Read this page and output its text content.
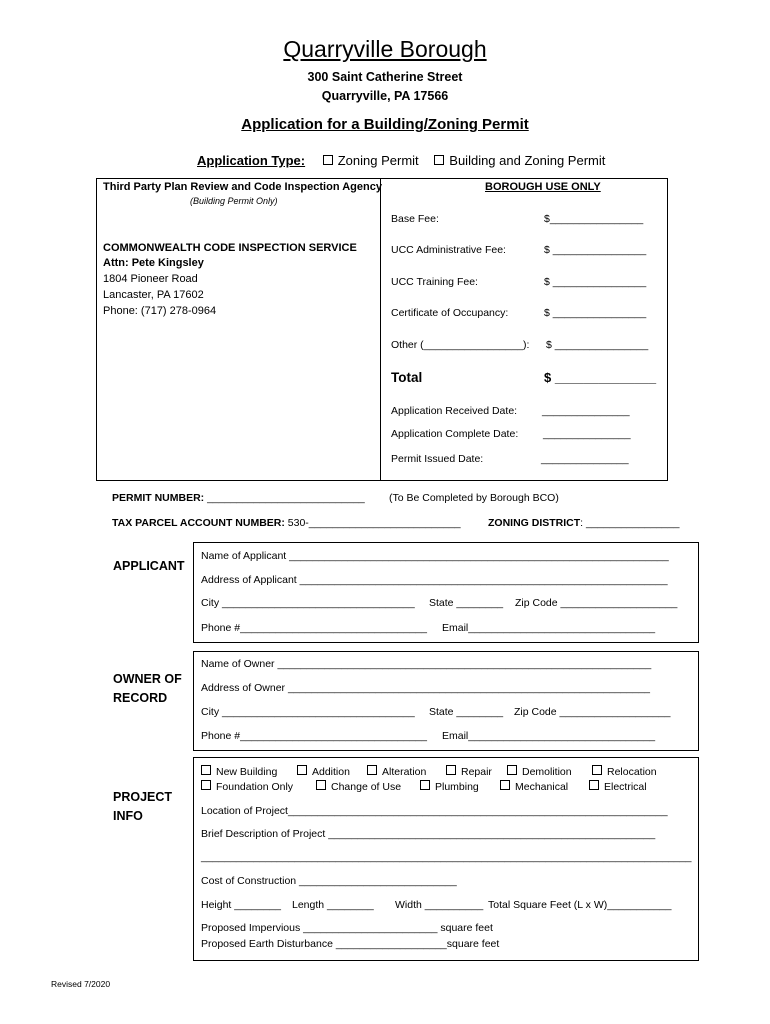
Quarryville Borough
300 Saint Catherine Street
Quarryville, PA 17566
Application for a Building/Zoning Permit
Application Type:	Zoning Permit Building and Zoning Permit
Third Party Plan Review and Code Inspection Agency
(Building Permit Only)
COMMONWEALTH CODE INSPECTION SERVICE
Attn: Pete Kingsley
1804 Pioneer Road
Lancaster, PA 17602
Phone: (717) 278-0964
BOROUGH USE ONLY
Base Fee:	$________________
UCC Administrative Fee:	$ ________________
UCC Training Fee:	$ ________________
Certificate of Occupancy:	$ ________________
Other (_________________): $ ________________
Total	$ ______________
Application Received Date: _______________
Application Complete Date: _______________
Permit Issued Date:	_______________
PERMIT NUMBER: ___________________________ (To Be Completed by Borough BCO)
TAX PARCEL ACCOUNT NUMBER: 530-__________________________	ZONING DISTRICT: ________________
APPLICANT
Name of Applicant _________________________________________________________________
Address of Applicant _______________________________________________________________
City _________________________________ State ________ Zip Code ____________________
Phone #________________________________ Email________________________________
OWNER OF
RECORD
Name of Owner ________________________________________________________________
Address of Owner ______________________________________________________________
City _________________________________ State ________ Zip Code ___________________
Phone #________________________________ Email________________________________
PROJECT
INFO
New Building	Addition	Alteration	Repair	Demolition	Relocation
Foundation Only	Change of Use	Plumbing	Mechanical	Electrical
Location of Project_________________________________________________________________
Brief Description of Project ________________________________________________________
____________________________________________________________________________________
Cost of Construction ___________________________
Height ________ Length ________ Width __________ Total Square Feet (L x W)___________
Proposed Impervious _______________________ square feet
Proposed Earth Disturbance ___________________square feet
Revised 7/2020
